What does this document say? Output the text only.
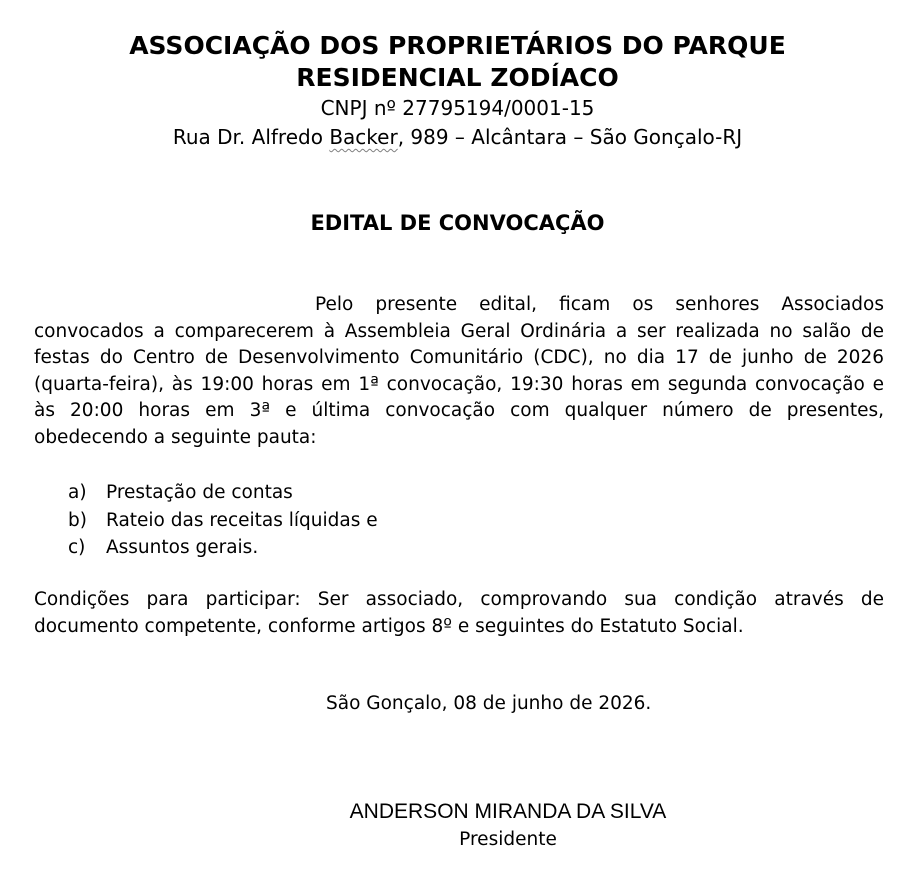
ASSOCIAÇÃO DOS PROPRIETÁRIOS DO PARQUE

RESIDENCIAL ZODÍACO

CNPJ nº 27795194/0001-15

Rua Dr. Alfredo Backer, 989 – Alcântara – São Gonçalo-RJ

EDITAL DE CONVOCAÇÃO

Pelo presente edital, ficam os senhores Associados convocados a comparecerem à Assembleia Geral Ordinária a ser realizada no salão de festas do Centro de Desenvolvimento Comunitário (CDC), no dia 17 de junho de 2026 (quarta-feira), às 19:00 horas em 1ª convocação, 19:30 horas em segunda convocação e às 20:00 horas em 3ª e última convocação com qualquer número de presentes, obedecendo a seguinte pauta:

a)	Prestação de contas
b)	Rateio das receitas líquidas e
c)	Assuntos gerais.

Condições para participar: Ser associado, comprovando sua condição através de documento competente, conforme artigos 8º e seguintes do Estatuto Social.

São Gonçalo, 08 de junho de 2026.

ANDERSON MIRANDA DA SILVA

Presidente
